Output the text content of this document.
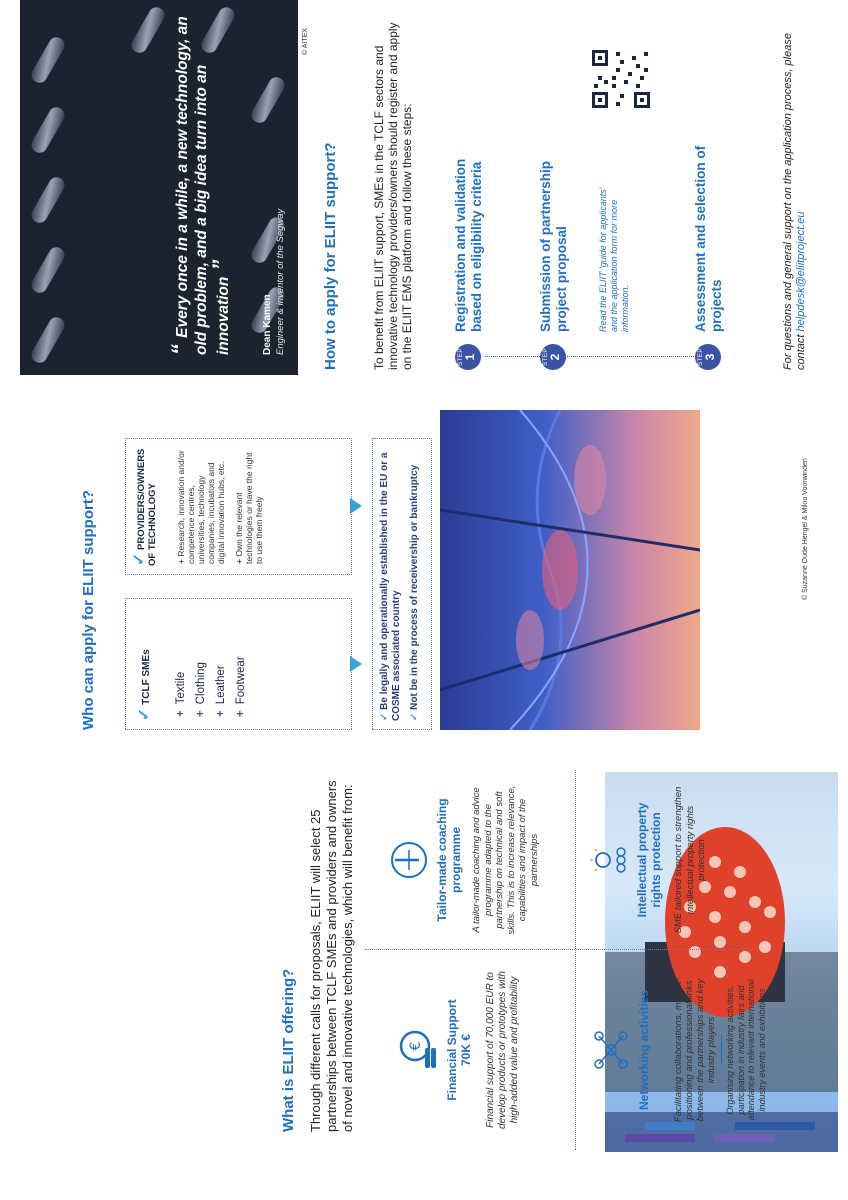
What is ELIIT offering? Through different calls for proposals, ELIIT will select 25 partnerships between TCLF SMEs and providers and owners of novel and innovative technologies, which will benefit from:	€ Financial Support 70K € Financial support of 70,000 EUR to develop products or prototypes with high-added value and profitability	Networking activities Facilitating collaborations, market-positioning and professional links between the partnerships and key industry players Organising networking activities, participation in industry fairs and attendance to relevant international industry events and exhibitions
Tailor-made coaching programme A tailor-made coaching and advice programme adapted to the partnership on technical and soft skills. This is to increase relevance, capabilities and impact of the partnerships	Intellectual property rights protection SME tailored support to strengthen intellectual property rights protection
Who can apply for ELIIT support? ✓ TCLF SMEs
+Textile
+Clothing
+Leather
+Footwear
✓ PROVIDERS/OWNERS OF TECHNOLOGY + Research, innovation and/or competence centres, universities, technology companies, incubators and digital innovation hubs, etc. + Own the relevant technologies or have the right to use them freely
✓ Be legally and operationally established in the EU or a COSME associated country ✓ Not be in the process of receivership or bankruptcy	© Suzanne Oude Hengel & Milou Voorwinden
“ Every once in a while, a new technology, an old problem, and a big idea turn into an innovation ”
Dean Kamen Engineer & inventor of the Segway
© AITEX
How to apply for ELIIT support?	To benefit from ELIIT support, SMEs in the TCLF sectors and innovative technology providers/owners should register and apply on the ELIIT EMS platform and follow these steps:	STEP 1
Registration and validation based on eligibility criteria
STEP 2
Submission of partnership project proposal	Read the ELIIT 'guide for applicants' and the application form for more information.
STEP 3
Assessment and selection of projects	For questions and general support on the application process, please contact helpdesk@eliitproject.eu
